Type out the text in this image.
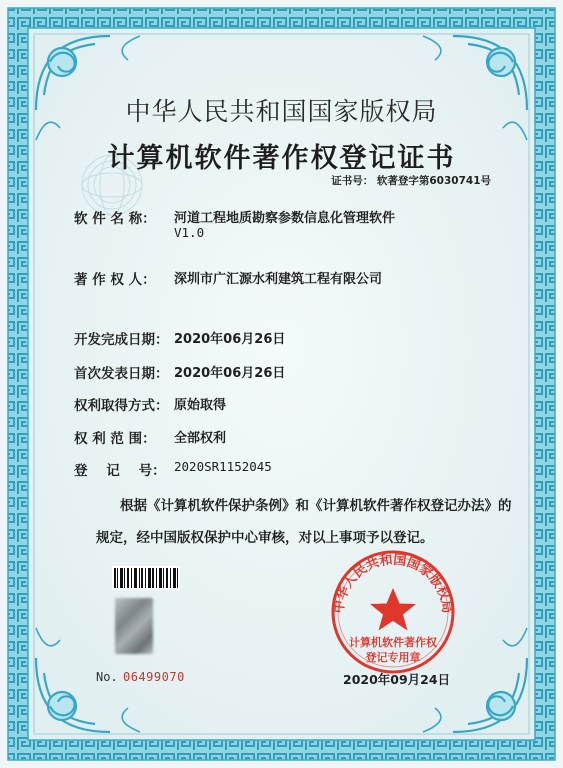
中华人民共和国国家版权局
计算机软件著作权
登记专用章
中华人民共和国国家版权局
计算机软件著作权登记证书
证书号： 软著登字第6030741号
软 件 名 称： 河道工程地质勘察参数信息化管理软件
V1.0
著 作 权 人： 深圳市广汇源水利建筑工程有限公司
开发完成日期： 2020年06月26日
首次发表日期： 2020年06月26日
权利取得方式： 原始取得
权 利 范 围： 全部权利
登    记    号： 2020SR1152045
根据《计算机软件保护条例》和《计算机软件著作权登记办法》的
规定，经中国版权保护中心审核，对以上事项予以登记。
No. 06499070	2020年09月24日
